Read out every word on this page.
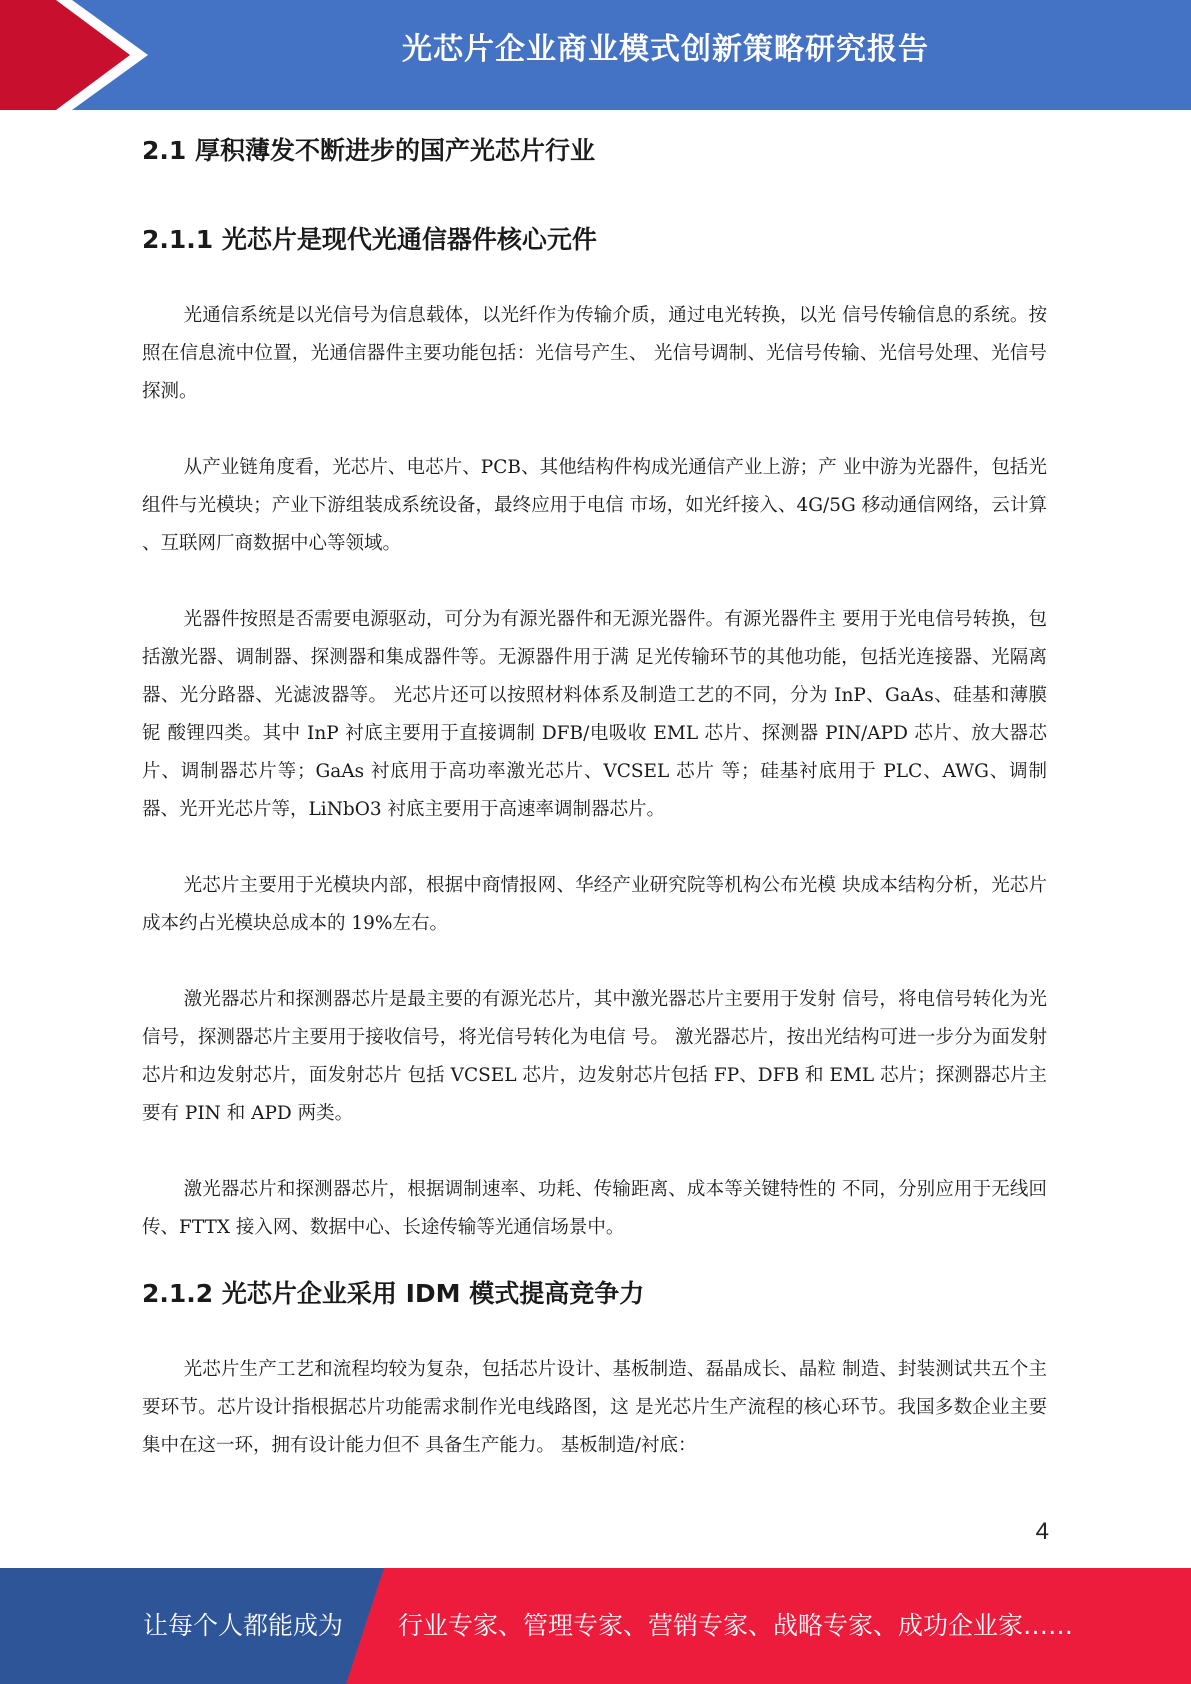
光芯片企业商业模式创新策略研究报告
2.1 厚积薄发不断进步的国产光芯片行业
2.1.1 光芯片是现代光通信器件核心元件

光通信系统是以光信号为信息载体，以光纤作为传输介质，通过电光转换，以光 信号传输信息的系统。按照在信息流中位置，光通信器件主要功能包括：光信号产生、 光信号调制、光信号传输、光信号处理、光信号探测。

从产业链角度看，光芯片、电芯片、PCB、其他结构件构成光通信产业上游；产 业中游为光器件，包括光组件与光模块；产业下游组装成系统设备，最终应用于电信 市场，如光纤接入、4G/5G 移动通信网络，云计算 、互联网厂商数据中心等领域。

光器件按照是否需要电源驱动，可分为有源光器件和无源光器件。有源光器件主 要用于光电信号转换，包括激光器、调制器、探测器和集成器件等。无源器件用于满 足光传输环节的其他功能，包括光连接器、光隔离器、光分路器、光滤波器等。 光芯片还可以按照材料体系及制造工艺的不同，分为 InP、GaAs、硅基和薄膜铌 酸锂四类。其中 InP 衬底主要用于直接调制 DFB/电吸收 EML 芯片、探测器 PIN/APD 芯片、放大器芯片、调制器芯片等；GaAs 衬底用于高功率激光芯片、VCSEL 芯片 等；硅基衬底用于 PLC、AWG、调制器、光开光芯片等，LiNbO3 衬底主要用于高速率调制器芯片。

光芯片主要用于光模块内部，根据中商情报网、华经产业研究院等机构公布光模 块成本结构分析，光芯片成本约占光模块总成本的 19%左右。

激光器芯片和探测器芯片是最主要的有源光芯片，其中激光器芯片主要用于发射 信号，将电信号转化为光信号，探测器芯片主要用于接收信号，将光信号转化为电信 号。 激光器芯片，按出光结构可进一步分为面发射芯片和边发射芯片，面发射芯片 包括 VCSEL 芯片，边发射芯片包括 FP、DFB 和 EML 芯片；探测器芯片主要有 PIN 和 APD 两类。

激光器芯片和探测器芯片，根据调制速率、功耗、传输距离、成本等关键特性的 不同，分别应用于无线回传、FTTX 接入网、数据中心、长途传输等光通信场景中。

2.1.2 光芯片企业采用 IDM 模式提高竞争力

光芯片生产工艺和流程均较为复杂，包括芯片设计、基板制造、磊晶成长、晶粒 制造、封装测试共五个主要环节。芯片设计指根据芯片功能需求制作光电线路图，这 是光芯片生产流程的核心环节。我国多数企业主要集中在这一环，拥有设计能力但不 具备生产能力。 基板制造/衬底：

4
让每个人都能成为 行业专家、管理专家、营销专家、战略专家、成功企业家……
